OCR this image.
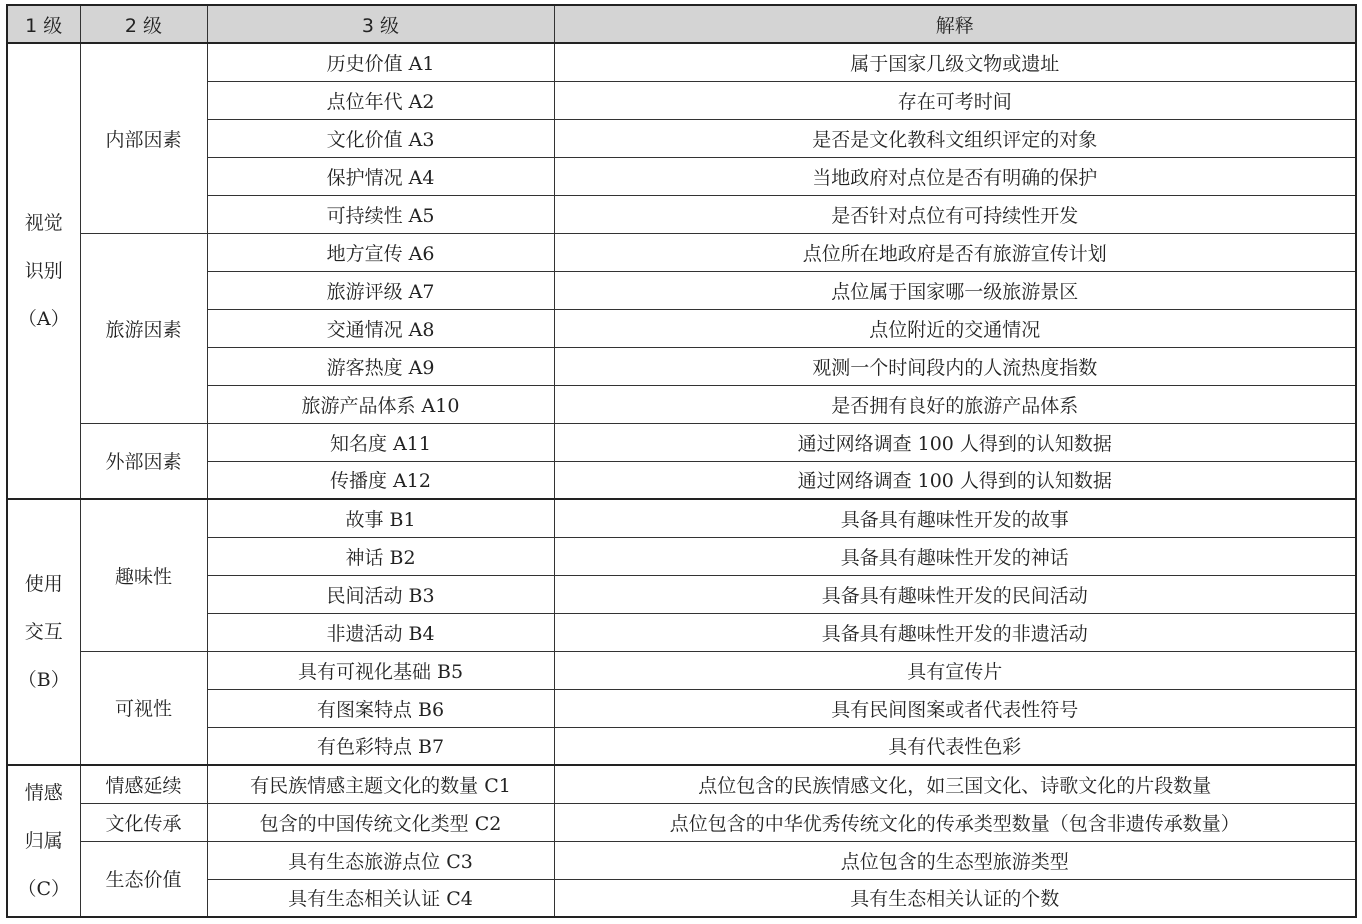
1 级	2 级	3 级	解释

视觉
识别
（A）	内部因素	历史价值 A1	属于国家几级文物或遗址
		点位年代 A2	存在可考时间
		文化价值 A3	是否是文化教科文组织评定的对象
		保护情况 A4	当地政府对点位是否有明确的保护
		可持续性 A5	是否针对点位有可持续性开发
	旅游因素	地方宣传 A6	点位所在地政府是否有旅游宣传计划
		旅游评级 A7	点位属于国家哪一级旅游景区
		交通情况 A8	点位附近的交通情况
		游客热度 A9	观测一个时间段内的人流热度指数
		旅游产品体系 A10	是否拥有良好的旅游产品体系
	外部因素	知名度 A11	通过网络调查 100 人得到的认知数据
		传播度 A12	通过网络调查 100 人得到的认知数据

使用
交互
（B）	趣味性	故事 B1	具备具有趣味性开发的故事
		神话 B2	具备具有趣味性开发的神话
		民间活动 B3	具备具有趣味性开发的民间活动
		非遗活动 B4	具备具有趣味性开发的非遗活动
	可视性	具有可视化基础 B5	具有宣传片
		有图案特点 B6	具有民间图案或者代表性符号
		有色彩特点 B7	具有代表性色彩

情感
归属
（C）	情感延续	有民族情感主题文化的数量 C1	点位包含的民族情感文化，如三国文化、诗歌文化的片段数量
	文化传承	包含的中国传统文化类型 C2	点位包含的中华优秀传统文化的传承类型数量（包含非遗传承数量）
	生态价值	具有生态旅游点位 C3	点位包含的生态型旅游类型
		具有生态相关认证 C4	具有生态相关认证的个数
